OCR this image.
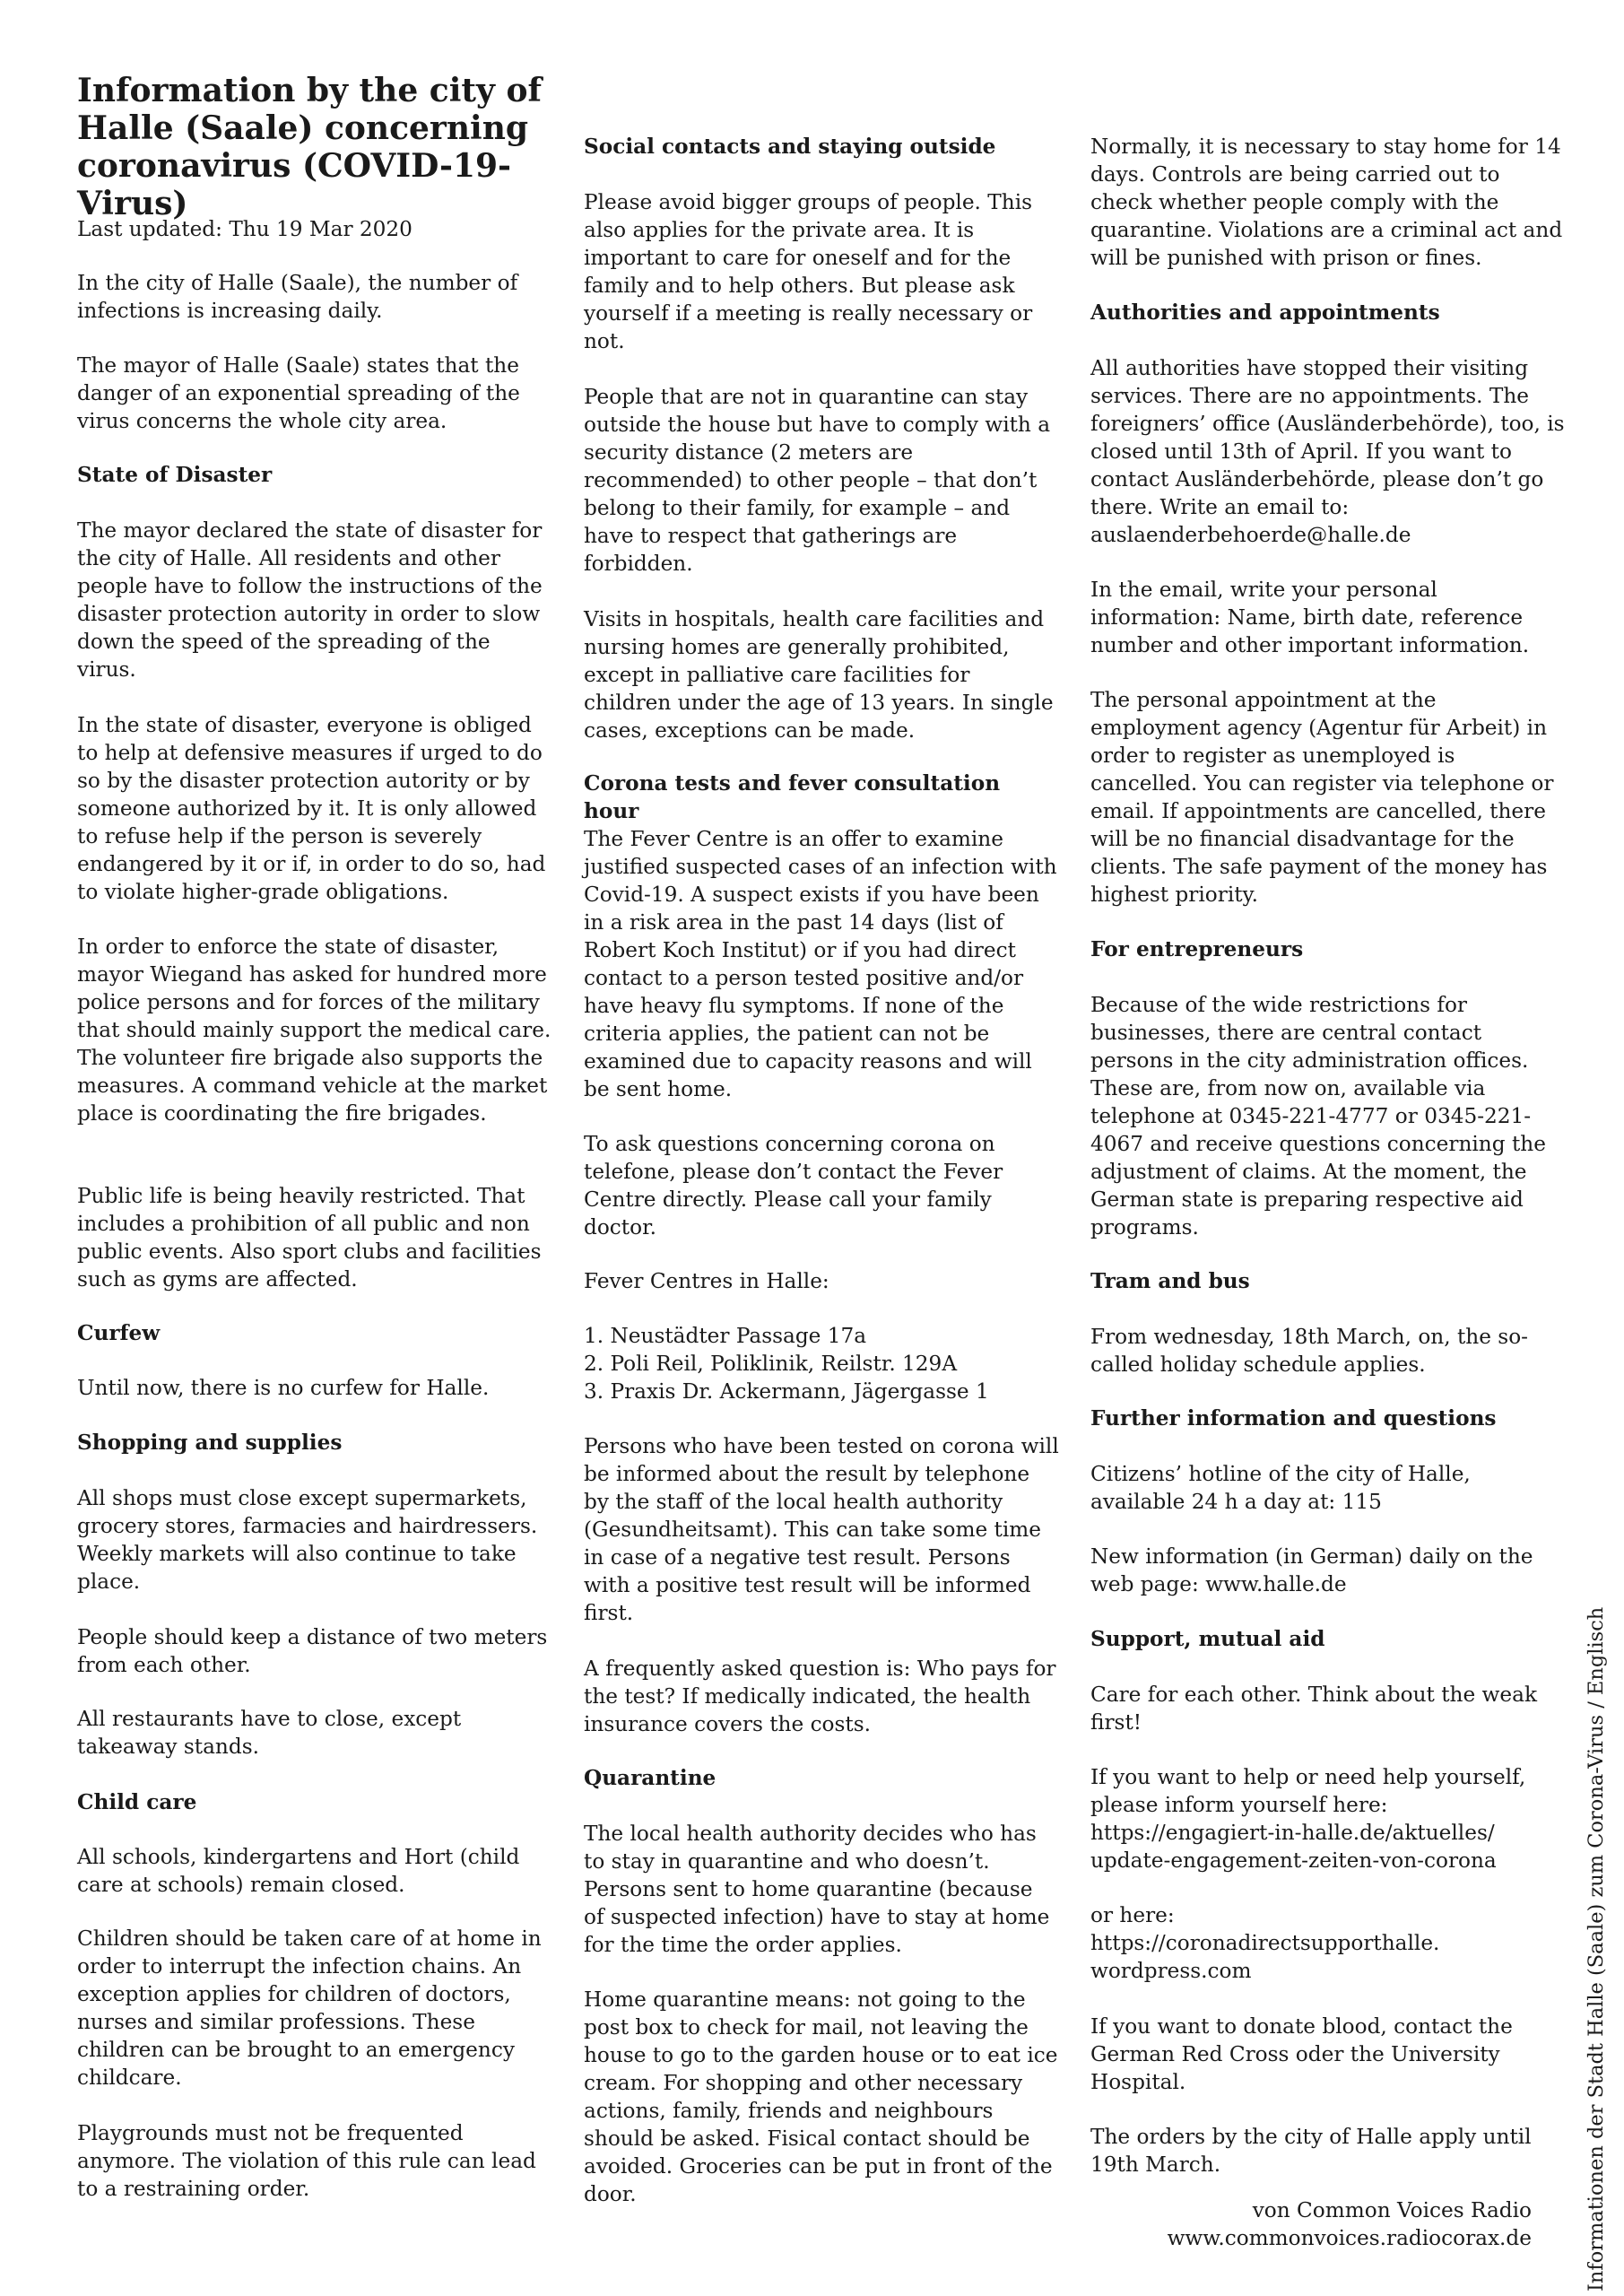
Information by the city of Halle (Saale) concerning coronavirus (COVID-19-Virus)

Last updated: Thu 19 Mar 2020

In the city of Halle (Saale), the number of infections is increasing daily.

The mayor of Halle (Saale) states that the danger of an exponential spreading of the virus concerns the whole city area.

State of Disaster

The mayor declared the state of disaster for the city of Halle. All residents and other people have to follow the instructions of the disaster protection autority in order to slow down the speed of the spreading of the virus.

In the state of disaster, everyone is obliged to help at defensive measures if urged to do so by the disaster protection autority or by someone authorized by it. It is only allowed to refuse help if the person is severely endangered by it or if, in order to do so, had to violate higher-grade obligations.

In order to enforce the state of disaster, mayor Wiegand has asked for hundred more police persons and for forces of the military that should mainly support the medical care. The volunteer fire brigade also supports the measures. A command vehicle at the market place is coordinating the fire brigades.

Public life is being heavily restricted. That includes a prohibition of all public and non public events. Also sport clubs and facilities such as gyms are affected.

Curfew

Until now, there is no curfew for Halle.

Shopping and supplies

All shops must close except supermarkets, grocery stores, farmacies and hairdressers. Weekly markets will also continue to take place.

People should keep a distance of two meters from each other.

All restaurants have to close, except takeaway stands.

Child care

All schools, kindergartens and Hort (child care at schools) remain closed.

Children should be taken care of at home in order to interrupt the infection chains. An exception applies for children of doctors, nurses and similar professions. These children can be brought to an emergency childcare.

Playgrounds must not be frequented anymore. The violation of this rule can lead to a restraining order.

Social contacts and staying outside

Please avoid bigger groups of people. This also applies for the private area. It is important to care for oneself and for the family and to help others. But please ask yourself if a meeting is really necessary or not.

People that are not in quarantine can stay outside the house but have to comply with a security distance (2 meters are recommended) to other people – that don’t belong to their family, for example – and have to respect that gatherings are forbidden.

Visits in hospitals, health care facilities and nursing homes are generally prohibited, except in palliative care facilities for children under the age of 13 years. In single cases, exceptions can be made.

Corona tests and fever consultation hour

The Fever Centre is an offer to examine justified suspected cases of an infection with Covid-19. A suspect exists if you have been in a risk area in the past 14 days (list of Robert Koch Institut) or if you had direct contact to a person tested positive and/or have heavy flu symptoms. If none of the criteria applies, the patient can not be examined due to capacity reasons and will be sent home.

To ask questions concerning corona on telefone, please don’t contact the Fever Centre directly. Please call your family doctor.

Fever Centres in Halle:

1. Neustädter Passage 17a
2. Poli Reil, Poliklinik, Reilstr. 129A
3. Praxis Dr. Ackermann, Jägergasse 1

Persons who have been tested on corona will be informed about the result by telephone by the staff of the local health authority (Gesundheitsamt). This can take some time in case of a negative test result. Persons with a positive test result will be informed first.

A frequently asked question is: Who pays for the test? If medically indicated, the health insurance covers the costs.

Quarantine

The local health authority decides who has to stay in quarantine and who doesn’t. Persons sent to home quarantine (because of suspected infection) have to stay at home for the time the order applies.

Home quarantine means: not going to the post box to check for mail, not leaving the house to go to the garden house or to eat ice cream. For shopping and other necessary actions, family, friends and neighbours should be asked. Fisical contact should be avoided. Groceries can be put in front of the door.

Normally, it is necessary to stay home for 14 days. Controls are being carried out to check whether people comply with the quarantine. Violations are a criminal act and will be punished with prison or fines.

Authorities and appointments

All authorities have stopped their visiting services. There are no appointments. The foreigners’ office (Ausländerbehörde), too, is closed until 13th of April. If you want to contact Ausländerbehörde, please don’t go there. Write an email to:
auslaenderbehoerde@halle.de

In the email, write your personal information: Name, birth date, reference number and other important information.

The personal appointment at the employment agency (Agentur für Arbeit) in order to register as unemployed is cancelled. You can register via telephone or email. If appointments are cancelled, there will be no financial disadvantage for the clients. The safe payment of the money has highest priority.

For entrepreneurs

Because of the wide restrictions for businesses, there are central contact persons in the city administration offices. These are, from now on, available via telephone at 0345-221-4777 or 0345-221-4067 and receive questions concerning the adjustment of claims. At the moment, the German state is preparing respective aid programs.

Tram and bus

From wednesday, 18th March, on, the so-called holiday schedule applies.

Further information and questions

Citizens’ hotline of the city of Halle, available 24 h a day at: 115

New information (in German) daily on the web page: www.halle.de

Support, mutual aid

Care for each other. Think about the weak first!

If you want to help or need help yourself, please inform yourself here:
https://engagiert-in-halle.de/aktuelles/
update-engagement-zeiten-von-corona

or here:
https://coronadirectsupporthalle.
wordpress.com

If you want to donate blood, contact the German Red Cross oder the University Hospital.

The orders by the city of Halle apply until 19th March.

von Common Voices Radio

www.commonvoices.radiocorax.de	Informationen der Stadt Halle (Saale) zum Corona-Virus / Englisch
